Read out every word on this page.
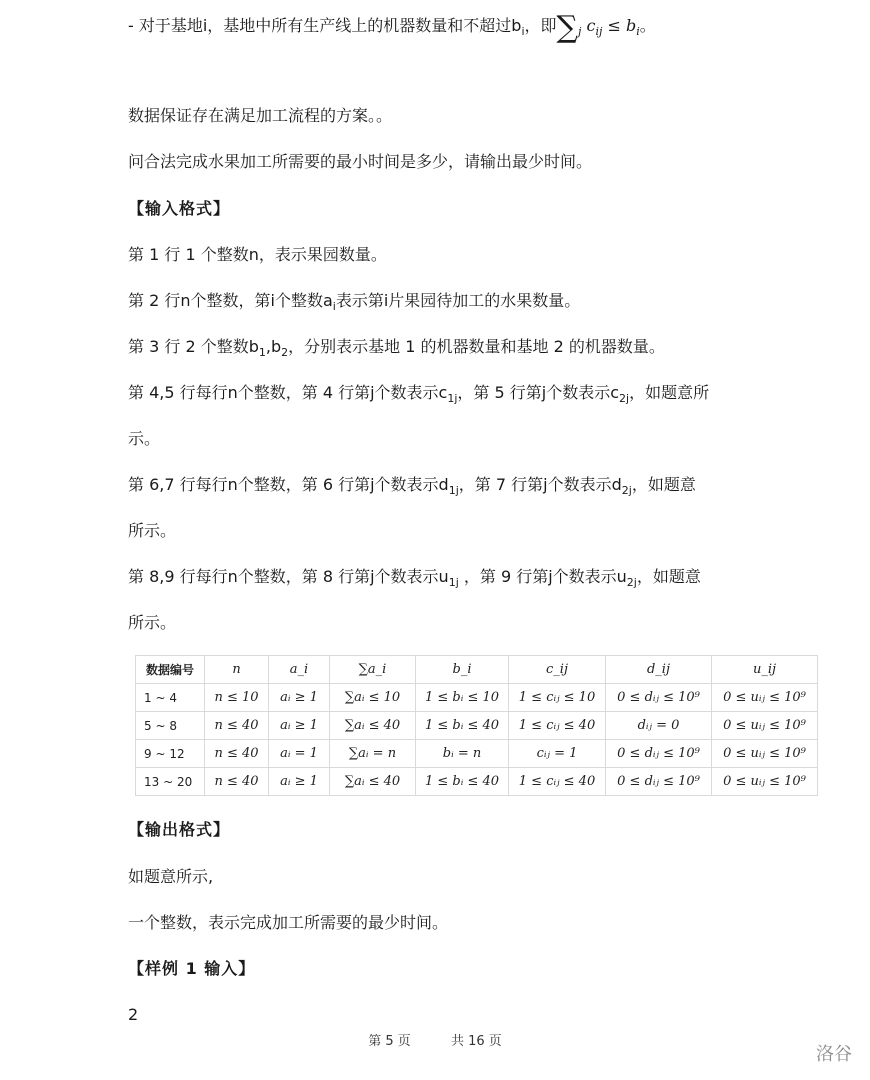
- 对于基地i，基地中所有生产线上的机器数量和不超过$b_i$，即$\sum_j$ $c_{ij} \le b_i$。
数据保证存在满足加工流程的方案。。
问合法完成水果加工所需要的最小时间是多少，请输出最少时间。
【输入格式】
第 1 行 1 个整数n，表示果园数量。
第 2 行n个整数，第i个整数$a_i$表示第i片果园待加工的水果数量。
第 3 行 2 个整数$b_1,b_2$，分别表示基地 1 的机器数量和基地 2 的机器数量。
第 4,5 行每行n个整数，第 4 行第j个数表示$c_{1j}$，第 5 行第j个数表示$c_{2j}$，如题意所
示。
第 6,7 行每行n个整数，第 6 行第j个数表示$d_{1j}$，第 7 行第j个数表示$d_{2j}$，如题意
所示。
第 8,9 行每行n个整数，第 8 行第j个数表示$u_{1j}$ ，第 9 行第j个数表示$u_{2j}$，如题意
所示。
数据编号	n	a_i	∑a_i	b_i	c_ij	d_ij	u_ij
1 ~ 4	n ≤ 10	aᵢ ≥ 1	∑aᵢ ≤ 10	1 ≤ bᵢ ≤ 10	1 ≤ cᵢⱼ ≤ 10	0 ≤ dᵢⱼ ≤ 10⁹	0 ≤ uᵢⱼ ≤ 10⁹
5 ~ 8	n ≤ 40	aᵢ ≥ 1	∑aᵢ ≤ 40	1 ≤ bᵢ ≤ 40	1 ≤ cᵢⱼ ≤ 40	dᵢⱼ = 0	0 ≤ uᵢⱼ ≤ 10⁹
9 ~ 12	n ≤ 40	aᵢ = 1	∑aᵢ = n	bᵢ = n	cᵢⱼ = 1	0 ≤ dᵢⱼ ≤ 10⁹	0 ≤ uᵢⱼ ≤ 10⁹
13 ~ 20	n ≤ 40	aᵢ ≥ 1	∑aᵢ ≤ 40	1 ≤ bᵢ ≤ 40	1 ≤ cᵢⱼ ≤ 40	0 ≤ dᵢⱼ ≤ 10⁹	0 ≤ uᵢⱼ ≤ 10⁹
【输出格式】
如题意所示,
一个整数，表示完成加工所需要的最少时间。
【样例 1 输入】
2
第 5 页	共 16 页
洛谷
